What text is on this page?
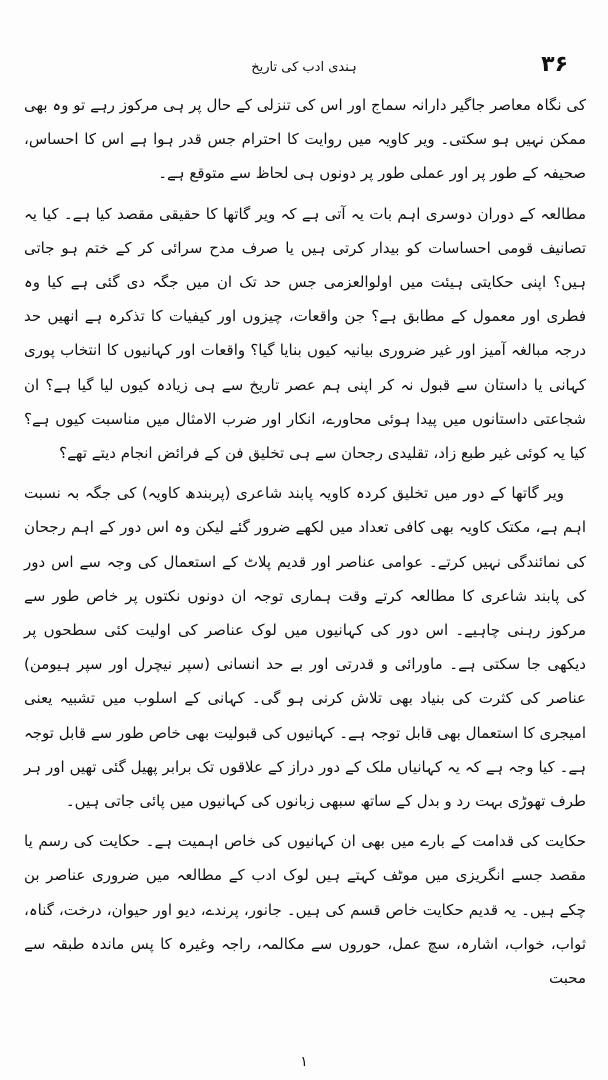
۳۶
ہندی ادب کی تاریخ

کی نگاہ معاصر جاگیر دارانہ سماج اور اس کی تنزلی کے حال پر ہی مرکوز رہے تو وہ بھی ممکن نہیں ہو سکتی۔ ویر کاویہ میں روایت کا احترام جس قدر ہوا ہے اس کا احساس، صحیفہ کے طور پر اور عملی طور پر دونوں ہی لحاظ سے متوقع ہے۔

مطالعہ کے دوران دوسری اہم بات یہ آتی ہے کہ ویر گاتھا کا حقیقی مقصد کیا ہے۔ کیا یہ تصانیف قومی احساسات کو بیدار کرتی ہیں یا صرف مدح سرائی کر کے ختم ہو جاتی ہیں؟ اپنی حکایتی ہیئت میں اولوالعزمی جس حد تک ان میں جگہ دی گئی ہے کیا وہ فطری اور معمول کے مطابق ہے؟ جن واقعات، چیزوں اور کیفیات کا تذکرہ ہے انھیں حد درجہ مبالغہ آمیز اور غیر ضروری بیانیہ کیوں بنایا گیا؟ واقعات اور کہانیوں کا انتخاب پوری کہانی یا داستان سے قبول نہ کر اپنی ہم عصر تاریخ سے ہی زیادہ کیوں لیا گیا ہے؟ ان شجاعتی داستانوں میں پیدا ہوئی محاورے، انکار اور ضرب الامثال میں مناسبت کیوں ہے؟ کیا یہ کوئی غیر طبع زاد، تقلیدی رجحان سے ہی تخلیق فن کے فرائض انجام دیتے تھے؟

ویر گاتھا کے دور میں تخلیق کردہ کاویہ پابند شاعری (پربندھ کاویہ) کی جگہ بہ نسبت اہم ہے، مکتک کاویہ بھی کافی تعداد میں لکھے ضرور گئے لیکن وہ اس دور کے اہم رجحان کی نمائندگی نہیں کرتے۔ عوامی عناصر اور قدیم پلاٹ کے استعمال کی وجہ سے اس دور کی پابند شاعری کا مطالعہ کرتے وقت ہماری توجہ ان دونوں نکتوں پر خاص طور سے مرکوز رہنی چاہیے۔ اس دور کی کہانیوں میں لوک عناصر کی اولیت کئی سطحوں پر دیکھی جا سکتی ہے۔ ماورائی و قدرتی اور بے حد انسانی (سپر نیچرل اور سپر ہیومن) عناصر کی کثرت کی بنیاد بھی تلاش کرنی ہو گی۔ کہانی کے اسلوب میں تشبیہ یعنی امیجری کا استعمال بھی قابل توجہ ہے۔ کہانیوں کی قبولیت بھی خاص طور سے قابل توجہ ہے۔ کیا وجہ ہے کہ یہ کہانیاں ملک کے دور دراز کے علاقوں تک برابر پھیل گئی تھیں اور ہر طرف تھوڑی بہت رد و بدل کے ساتھ سبھی زبانوں کی کہانیوں میں پائی جاتی ہیں۔

حکایت کی قدامت کے بارے میں بھی ان کہانیوں کی خاص اہمیت ہے۔ حکایت کی رسم یا مقصد جسے انگریزی میں موٹف کہتے ہیں لوک ادب کے مطالعہ میں ضروری عناصر بن چکے ہیں۔ یہ قدیم حکایت خاص قسم کی ہیں۔ جانور، پرندے، دیو اور حیوان، درخت، گناہ، ثواب، خواب، اشارہ، سچ عمل، حوروں سے مکالمہ، راجہ وغیرہ کا پس ماندہ طبقہ سے محبت

۱
